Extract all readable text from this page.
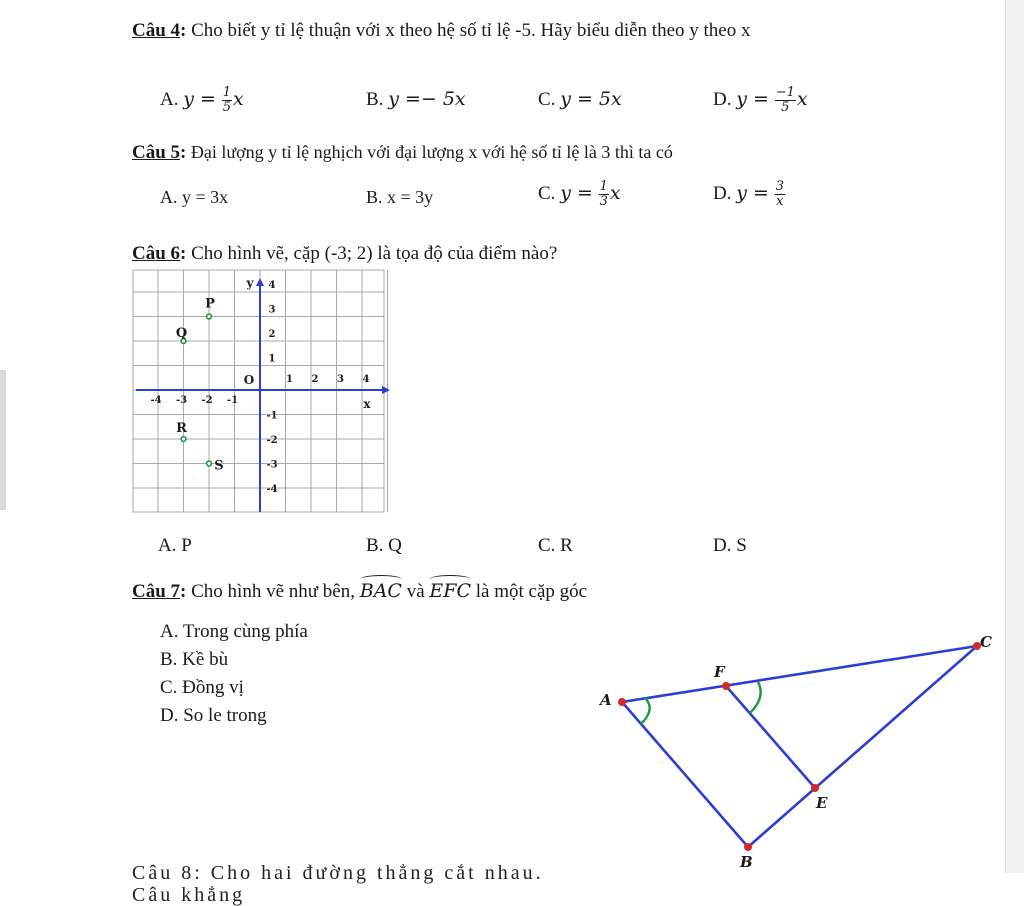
Câu 4: Cho biết y tỉ lệ thuận với x theo hệ số tỉ lệ -5. Hãy biểu diễn theo y theo x
A. $y = \frac{1}{5}$ x	B. y =− 5x	C. y = 5x	D. $y = \frac{-1}{5}$ x
Câu 5: Đại lượng y tỉ lệ nghịch với đại lượng x với hệ số tỉ lệ là 3 thì ta có
A. y = 3x	B. x = 3y	C. $y = \frac{1}{3}$ x	D. $y = \frac{3}{x}$
Câu 6: Cho hình vẽ, cặp (-3; 2) là tọa độ của điểm nào?
-4 -3 -2 -1
1 2 3 4
4
3
2
1
-1
-2
-3
-4
O
x
y
P
Q
R
S
A. P	B. Q	C. R	D. S
Câu 7: Cho hình vẽ như bên, BAC và EFC là một cặp góc
A. Trong cùng phía
B. Kề bù
C. Đồng vị
D. So le trong
A
F
C
E
B
Câu 8: Cho hai đường thẳng cắt nhau. Câu khẳng
